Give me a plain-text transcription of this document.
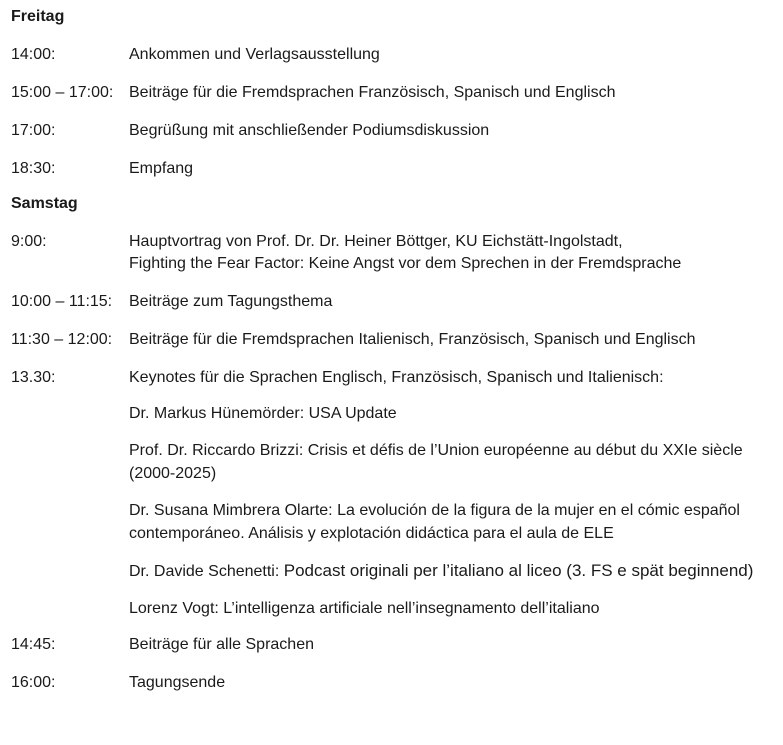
Freitag
14:00:	Ankommen und Verlagsausstellung
15:00 – 17:00: Beiträge für die Fremdsprachen Französisch, Spanisch und Englisch
17:00:	Begrüßung mit anschließender Podiumsdiskussion
18:30:	Empfang
Samstag
9:00:	Hauptvortrag von Prof. Dr. Dr. Heiner Böttger, KU Eichstätt-Ingolstadt,
Fighting the Fear Factor: Keine Angst vor dem Sprechen in der Fremdsprache
10:00 – 11:15:	Beiträge zum Tagungsthema
11:30 – 12:00:	Beiträge für die Fremdsprachen Italienisch, Französisch, Spanisch und Englisch
13.30:	Keynotes für die Sprachen Englisch, Französisch, Spanisch und Italienisch:
Dr. Markus Hünemörder: USA Update
Prof. Dr. Riccardo Brizzi: Crisis et défis de l’Union européenne au début du XXIe siècle (2000-2025)
Dr. Susana Mimbrera Olarte: La evolución de la figura de la mujer en el cómic español contemporáneo. Análisis y explotación didáctica para el aula de ELE
Dr. Davide Schenetti: Podcast originali per l’italiano al liceo (3. FS e spät beginnend)
Lorenz Vogt: L’intelligenza artificiale nell’insegnamento dell’italiano
14:45:	Beiträge für alle Sprachen
16:00:	Tagungsende
